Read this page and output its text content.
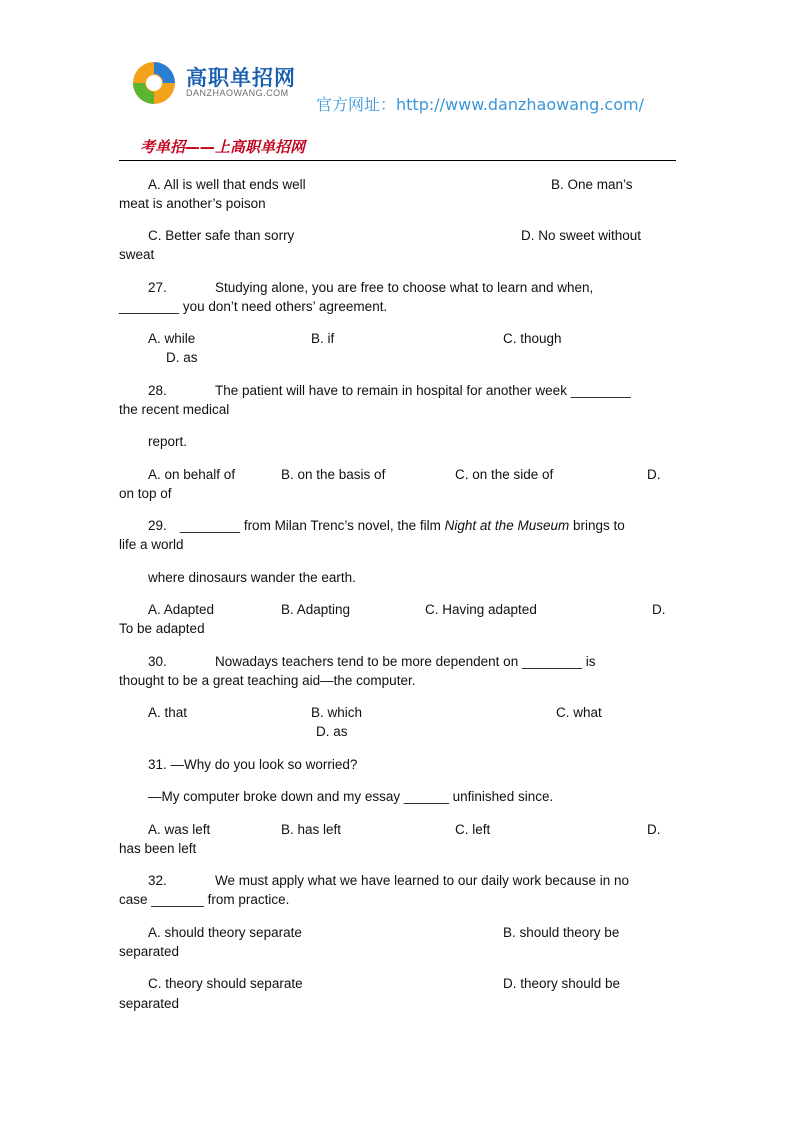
高职单招网
DANZHAOWANG.COM
官方网址：http://www.danzhaowang.com/
考单招——上高职单招网
A. All is well that ends well	B. One man’s
meat is another’s poison
C. Better safe than sorry	D. No sweet without
sweat
27.	Studying alone, you are free to choose what to learn and when,
________ you don’t need others’ agreement.
A. while	B. if	C. though
D. as
28.	The patient will have to remain in hospital for another week ________
the recent medical
report.
A. on behalf of	B. on the basis of	C. on the side of	D.
on top of
29. ________ from Milan Trenc’s novel, the film Night at the Museum brings to
life a world
where dinosaurs wander the earth.
A. Adapted	B. Adapting	C. Having adapted	D.
To be adapted
30.	Nowadays teachers tend to be more dependent on ________ is
thought to be a great teaching aid—the computer.
A. that	B. which	C. what
D. as
31. —Why do you look so worried?
—My computer broke down and my essay ______ unfinished since.
A. was left	B. has left	C. left	D.
has been left
32.	We must apply what we have learned to our daily work because in no
case _______ from practice.
A. should theory separate	B. should theory be
separated
C. theory should separate	D. theory should be
separated
